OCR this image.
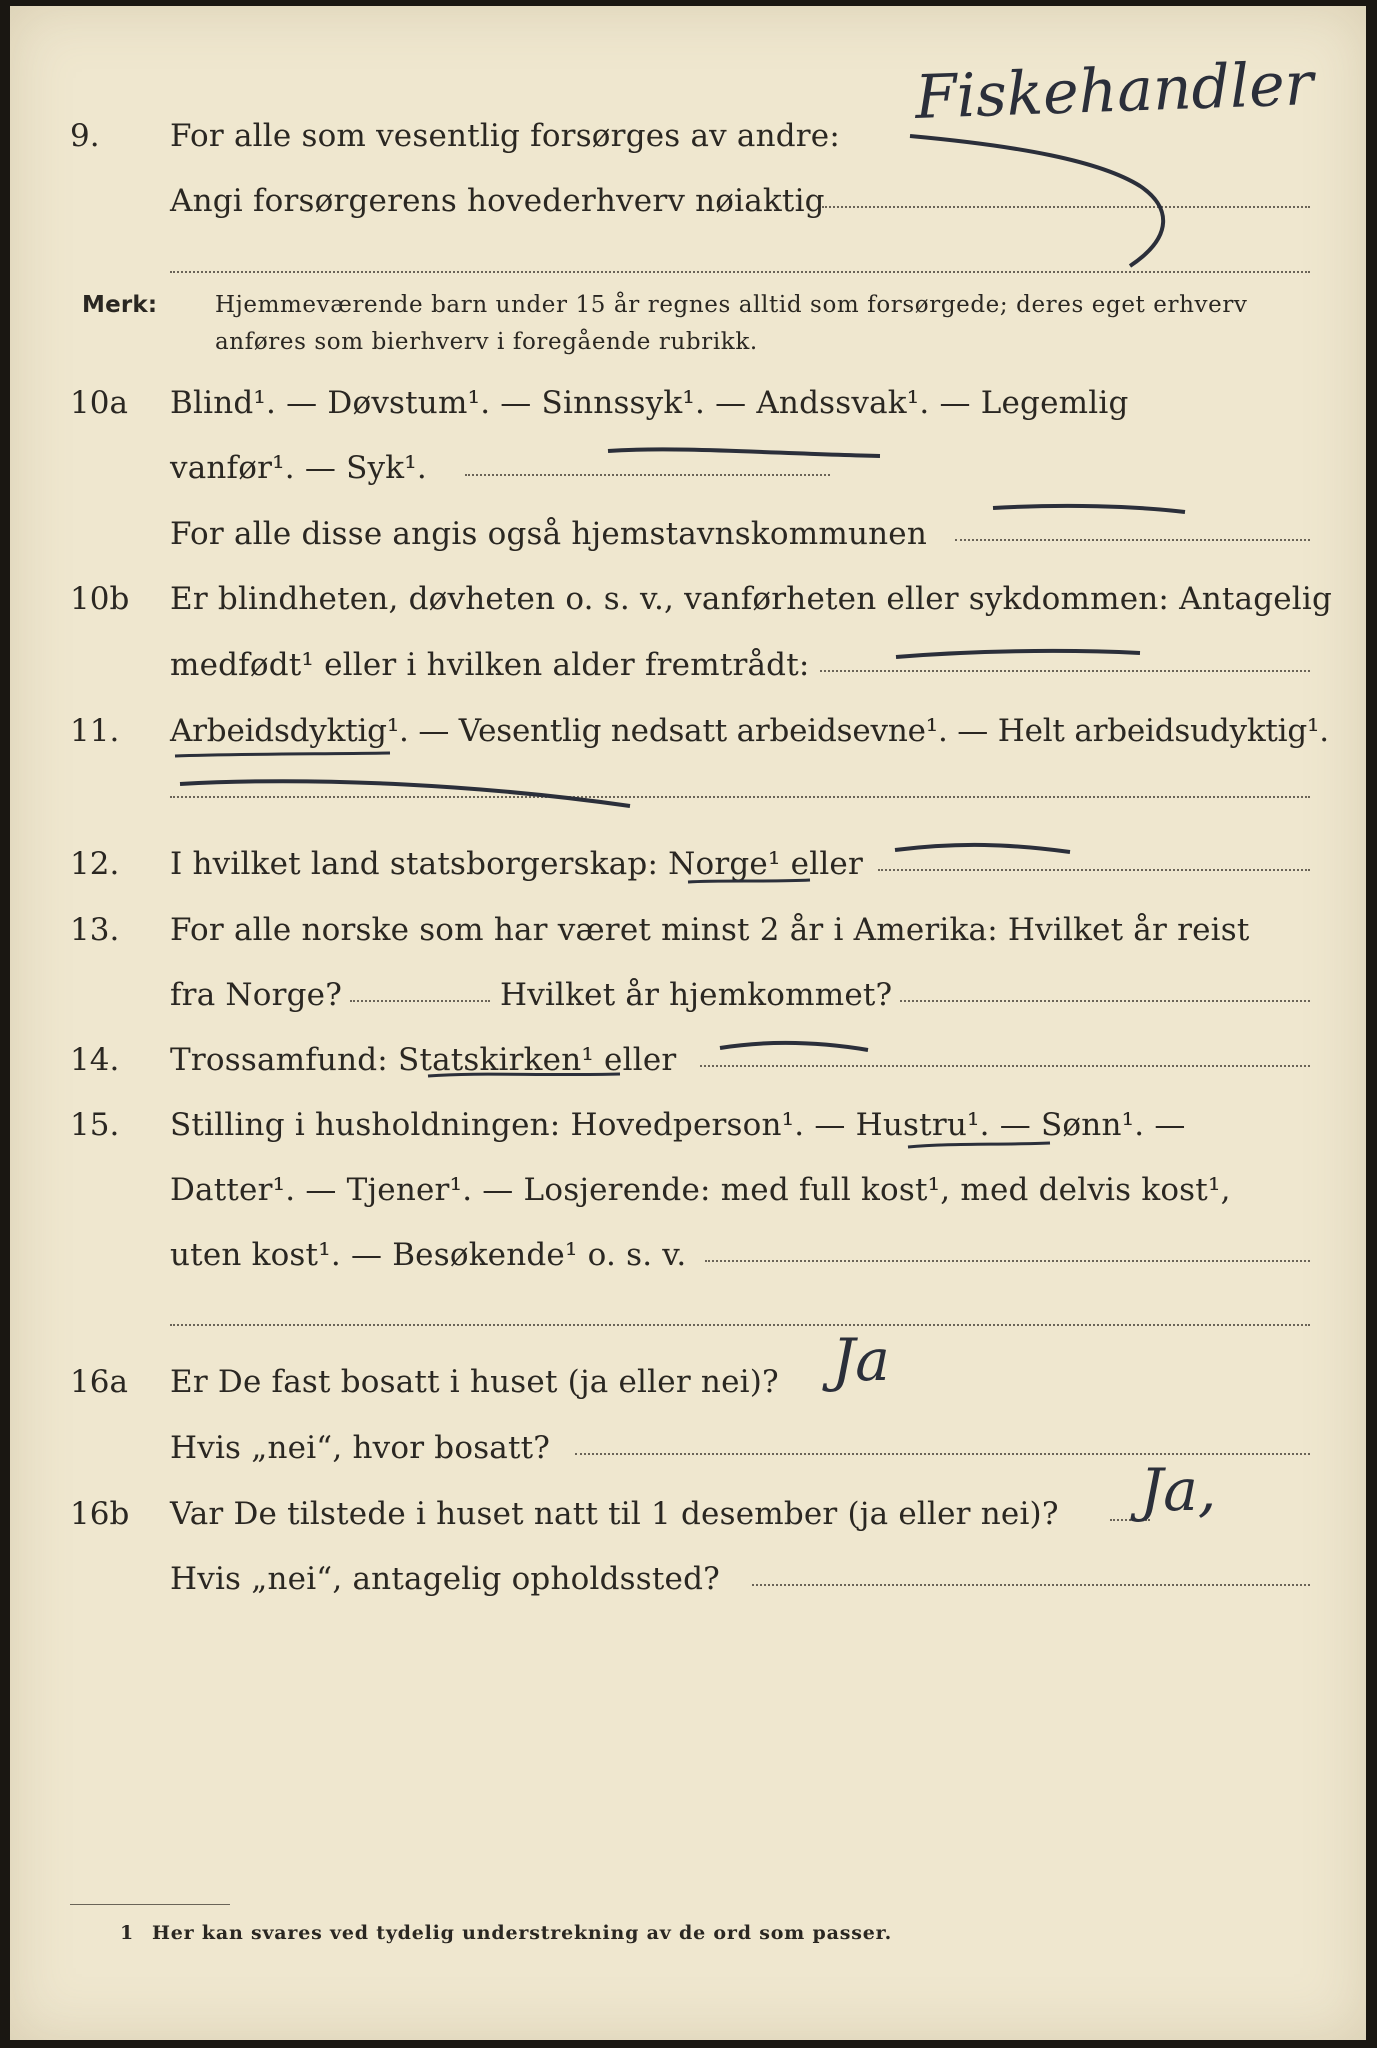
9. For alle som vesentlig forsørges av andre:
Angi forsørgerens hovederhverv nøiaktig
Fiskehandler
Merk:	Hjemmeværende barn under 15 år regnes alltid som forsørgede; deres eget erhverv
anføres som bierhverv i foregående rubrikk.
10a Blind¹. — Døvstum¹. — Sinnssyk¹. — Andssvak¹. — Legemlig
vanfør¹. — Syk¹.
For alle disse angis også hjemstavnskommunen
10b Er blindheten, døvheten o. s. v., vanførheten eller sykdommen: Antagelig
medfødt¹ eller i hvilken alder fremtrådt:
11. Arbeidsdyktig¹. — Vesentlig nedsatt arbeidsevne¹. — Helt arbeidsudyktig¹.
12. I hvilket land statsborgerskap: Norge¹ eller
13. For alle norske som har været minst 2 år i Amerika: Hvilket år reist
fra Norge?	Hvilket år hjemkommet?
14. Trossamfund: Statskirken¹ eller
15. Stilling i husholdningen: Hovedperson¹. — Hustru¹. — Sønn¹. —
Datter¹. — Tjener¹. — Losjerende: med full kost¹, med delvis kost¹,
uten kost¹. — Besøkende¹ o. s. v.
16a Er De fast bosatt i huset (ja eller nei)? Ja
Hvis „nei“, hvor bosatt?
16b Var De tilstede i huset natt til 1 desember (ja eller nei)? Ja,
Hvis „nei“, antagelig opholdssted?
1 Her kan svares ved tydelig understrekning av de ord som passer.
